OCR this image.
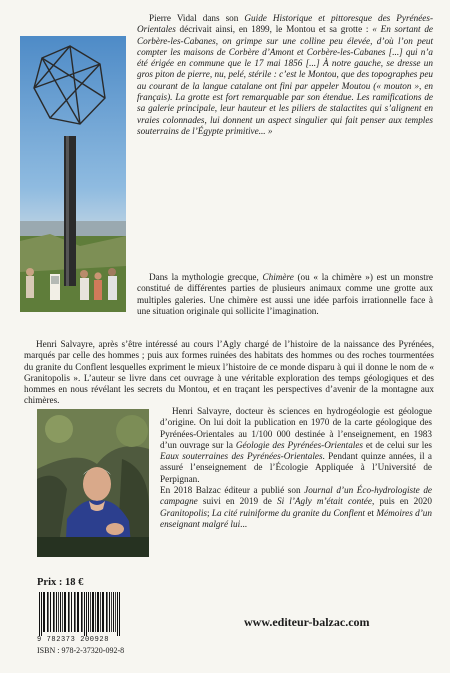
Pierre Vidal dans son Guide Historique et pittoresque des Pyrénées-Orientales décrivait ainsi, en 1899, le Montou et sa grotte : « En sortant de Corbère-les-Cabanes, on grimpe sur une colline peu élevée, d’où l’on peut compter les maisons de Corbère d’Amont et Corbère-les-Cabanes [...] qui n’a été érigée en commune que le 17 mai 1856 [...] À notre gauche, se dresse un gros piton de pierre, nu, pelé, stérile : c’est le Montou, que des topographes peu au courant de la langue catalane ont fini par appeler Moutou (« mouton », en français). La grotte est fort remarquable par son étendue. Les ramifications de sa galerie principale, leur hauteur et les piliers de stalactites qui s’alignent en vraies colonnades, lui donnent un aspect singulier qui fait penser aux temples souterrains de l’Égypte primitive... »

Dans la mythologie grecque, Chimère (ou « la chimère ») est un monstre constitué de différentes parties de plusieurs animaux comme une grotte aux multiples galeries. Une chimère est aussi une idée parfois irrationnelle face à une situation originale qui sollicite l’imagination.

Henri Salvayre, après s’être intéressé au cours l’Agly chargé de l’histoire de la naissance des Pyrénées, marqués par celle des hommes ; puis aux formes ruinées des habitats des hommes ou des roches tourmentées du granite du Conflent lesquelles expriment le mieux l’histoire de ce monde disparu à qui il donne le nom de « Granitopolis ». L’auteur se livre dans cet ouvrage à une véritable exploration des temps géologiques et des hommes en nous révélant les secrets du Montou, et en traçant les perspectives d’avenir de la montagne aux chimères.

Henri Salvayre, docteur ès sciences en hydrogéologie est géologue d’origine. On lui doit la publication en 1970 de la carte géologique des Pyrénées-Orientales au 1/100 000 destinée à l’enseignement, en 1983 d’un ouvrage sur la Géologie des Pyrénées-Orientales et de celui sur les Eaux souterraines des Pyrénées-Orientales. Pendant quinze années, il a assuré l’enseignement de l’Écologie Appliquée à l’Université de Perpignan.

En 2018 Balzac éditeur a publié son Journal d’un Éco-hydrologiste de campagne suivi en 2019 de Si l’Agly m’était contée, puis en 2020 Granitopolis; La cité ruiniforme du granite du Conflent et Mémoires d’un enseignant malgré lui...

Prix : 18 €
9 782373 200928
ISBN : 978-2-37320-092-8
www.editeur-balzac.com
